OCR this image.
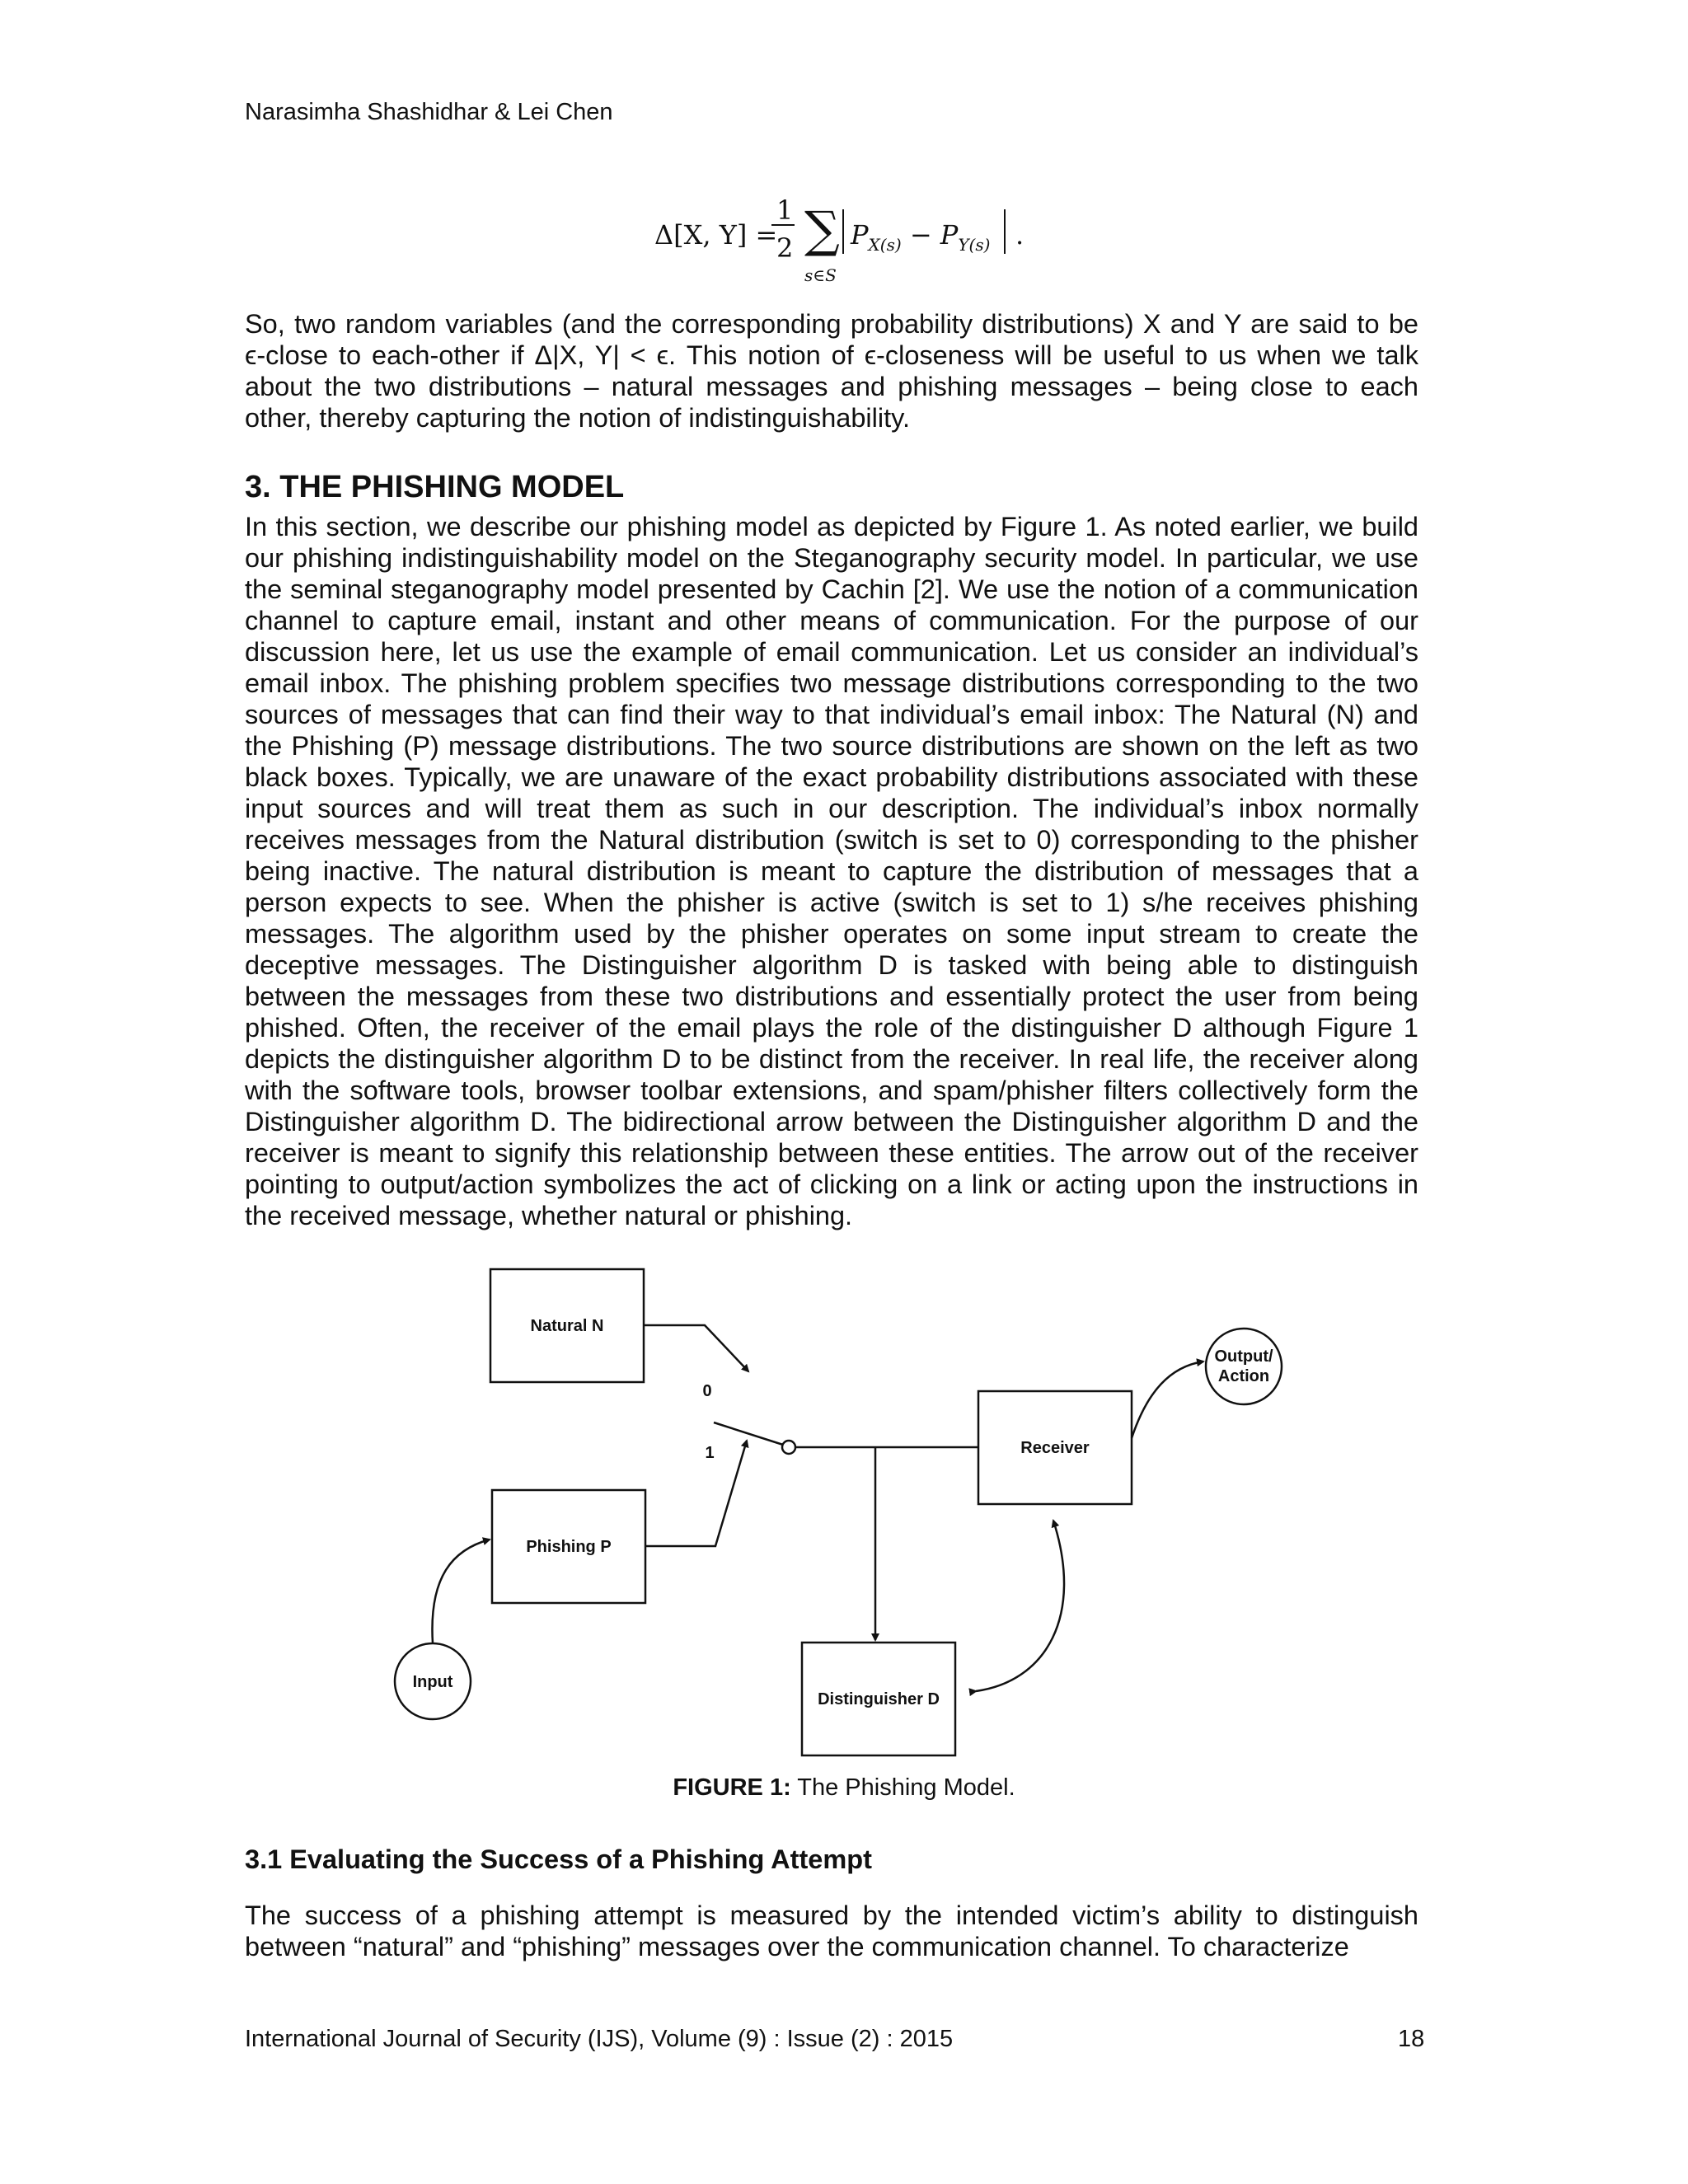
Narasimha Shashidhar & Lei Chen
Δ[X, Y] =
1
2 ∑
s∈S
$P_{X(s)} - P_{Y(s)}$ .

So, two random variables (and the corresponding probability distributions) X and Y are said to be ϵ-close to each-other if Δ|X, Y| < ϵ. This notion of ϵ-closeness will be useful to us when we talk about the two distributions – natural messages and phishing messages – being close to each other, thereby capturing the notion of indistinguishability.

3. THE PHISHING MODEL

In this section, we describe our phishing model as depicted by Figure 1. As noted earlier, we build our phishing indistinguishability model on the Steganography security model. In particular, we use the seminal steganography model presented by Cachin [2]. We use the notion of a communication channel to capture email, instant and other means of communication. For the purpose of our discussion here, let us use the example of email communication. Let us consider an individual’s email inbox. The phishing problem specifies two message distributions corresponding to the two sources of messages that can find their way to that individual’s email inbox: The Natural (N) and the Phishing (P) message distributions. The two source distributions are shown on the left as two black boxes. Typically, we are unaware of the exact probability distributions associated with these input sources and will treat them as such in our description. The individual’s inbox normally receives messages from the Natural distribution (switch is set to 0) corresponding to the phisher being inactive. The natural distribution is meant to capture the distribution of messages that a person expects to see. When the phisher is active (switch is set to 1) s/he receives phishing messages. The algorithm used by the phisher operates on some input stream to create the deceptive messages. The Distinguisher algorithm D is tasked with being able to distinguish between the messages from these two distributions and essentially protect the user from being phished. Often, the receiver of the email plays the role of the distinguisher D although Figure 1 depicts the distinguisher algorithm D to be distinct from the receiver. In real life, the receiver along with the software tools, browser toolbar extensions, and spam/phisher filters collectively form the Distinguisher algorithm D. The bidirectional arrow between the Distinguisher algorithm D and the receiver is meant to signify this relationship between these entities. The arrow out of the receiver pointing to output/action symbolizes the act of clicking on a link or acting upon the instructions in the received message, whether natural or phishing.

Natural N
Phishing P
Receiver
Distinguisher D
Input
Output/
Action
0
1
FIGURE 1: The Phishing Model.
3.1 Evaluating the Success of a Phishing Attempt

The success of a phishing attempt is measured by the intended victim’s ability to distinguish between “natural” and “phishing” messages over the communication channel. To characterize

International Journal of Security (IJS), Volume (9) : Issue (2) : 2015	18
